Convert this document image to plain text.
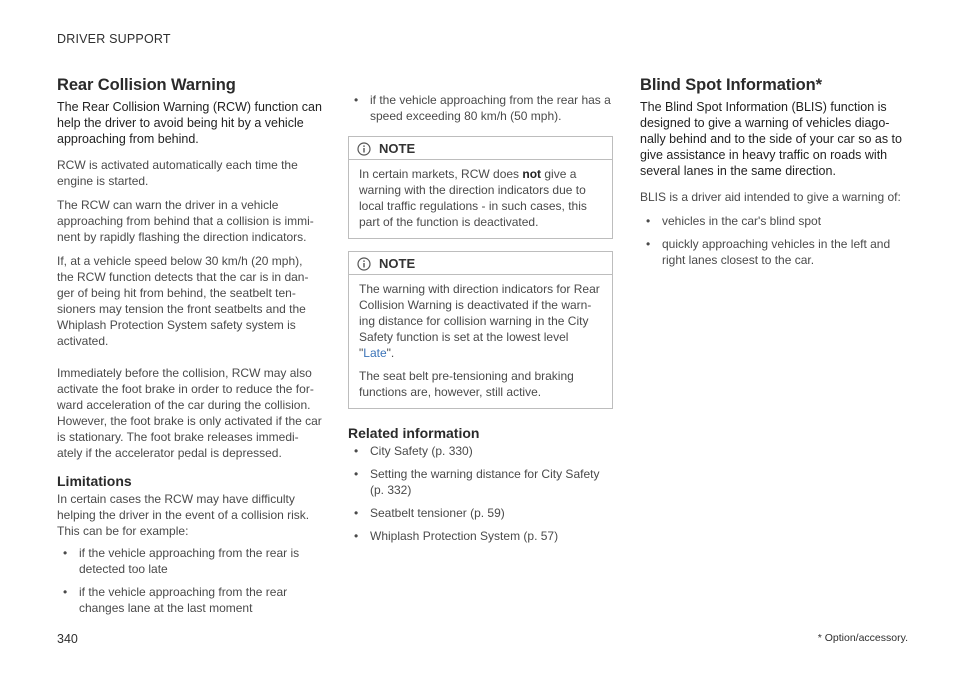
DRIVER SUPPORT
Rear Collision Warning

The Rear Collision Warning (RCW) function can help the driver to avoid being hit by a vehicle approaching from behind.

RCW is activated automatically each time the engine is started.

The RCW can warn the driver in a vehicle approaching from behind that a collision is immi-nent by rapidly flashing the direction indicators.

If, at a vehicle speed below 30 km/h (20 mph), the RCW function detects that the car is in dan-ger of being hit from behind, the seatbelt ten-sioners may tension the front seatbelts and the Whiplash Protection System safety system is activated.

Immediately before the collision, RCW may also activate the foot brake in order to reduce the for-ward acceleration of the car during the collision. However, the foot brake is only activated if the car is stationary. The foot brake releases immedi-ately if the accelerator pedal is depressed.

Limitations

In certain cases the RCW may have difficulty helping the driver in the event of a collision risk. This can be for example:

• if the vehicle approaching from the rear is detected too late
• if the vehicle approaching from the rear changes lane at the last moment
• if the vehicle approaching from the rear has a speed exceeding 80 km/h (50 mph).
NOTE

In certain markets, RCW does not give a warning with the direction indicators due to local traffic regulations - in such cases, this part of the function is deactivated.

NOTE

The warning with direction indicators for Rear Collision Warning is deactivated if the warn-ing distance for collision warning in the City Safety function is set at the lowest level "Late".

The seat belt pre-tensioning and braking functions are, however, still active.

Related information
• City Safety (p. 330)
• Setting the warning distance for City Safety (p. 332)
• Seatbelt tensioner (p. 59)
• Whiplash Protection System (p. 57)
Blind Spot Information*

The Blind Spot Information (BLIS) function is designed to give a warning of vehicles diago-nally behind and to the side of your car so as to give assistance in heavy traffic on roads with several lanes in the same direction.

BLIS is a driver aid intended to give a warning of:

• vehicles in the car's blind spot
• quickly approaching vehicles in the left and right lanes closest to the car.
340	* Option/accessory.
